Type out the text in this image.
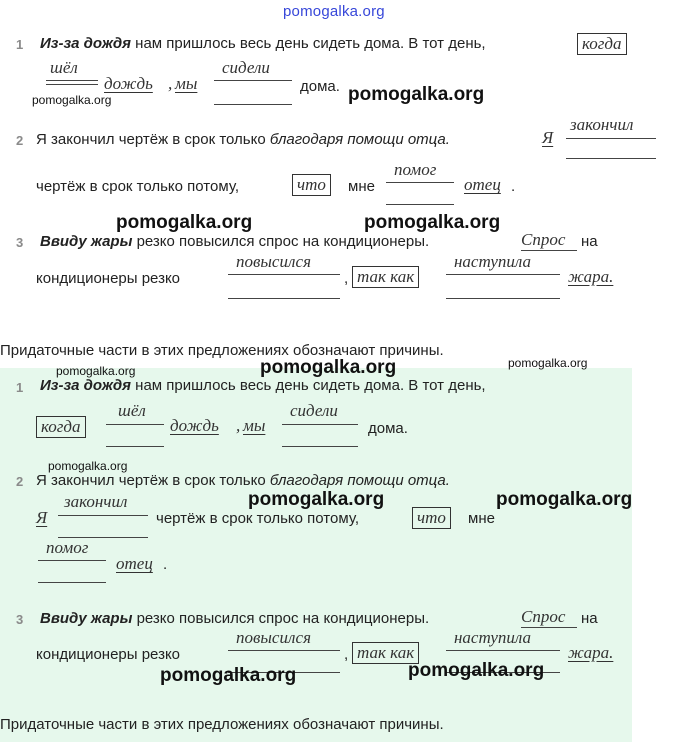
pomogalka.org
1 Из-за дождя нам пришлось весь день сидеть дома. В тот день,	когда
шёл
дождь , мы
сидели
дома.
pomogalka.org	pomogalka.org
2 Я закончил чертёж в срок только благодаря помощи отца.	Я
закончил
чертёж в срок только потому,	что	мне
помог
отец .
pomogalka.org	pomogalka.org
3 Ввиду жары резко повысился спрос на кондиционеры.	Спрос на
кондиционеры резко
повысился
, так как
наступила
жара.
Придаточные части в этих предложениях обозначают причины.
pomogalka.org	pomogalka.org
pomogalka.org
1 Из-за дождя нам пришлось весь день сидеть дома. В тот день,
когда
шёл
дождь , мы
сидели
дома.
pomogalka.org
2 Я закончил чертёж в срок только благодаря помощи отца.
pomogalka.org	pomogalka.org
Я
закончил
чертёж в срок только потому,	что	мне
помог
отец .
3 Ввиду жары резко повысился спрос на кондиционеры.	Спрос на
кондиционеры резко
повысился
, так как
наступила
жара.
pomogalka.org	pomogalka.org
Придаточные части в этих предложениях обозначают причины.
